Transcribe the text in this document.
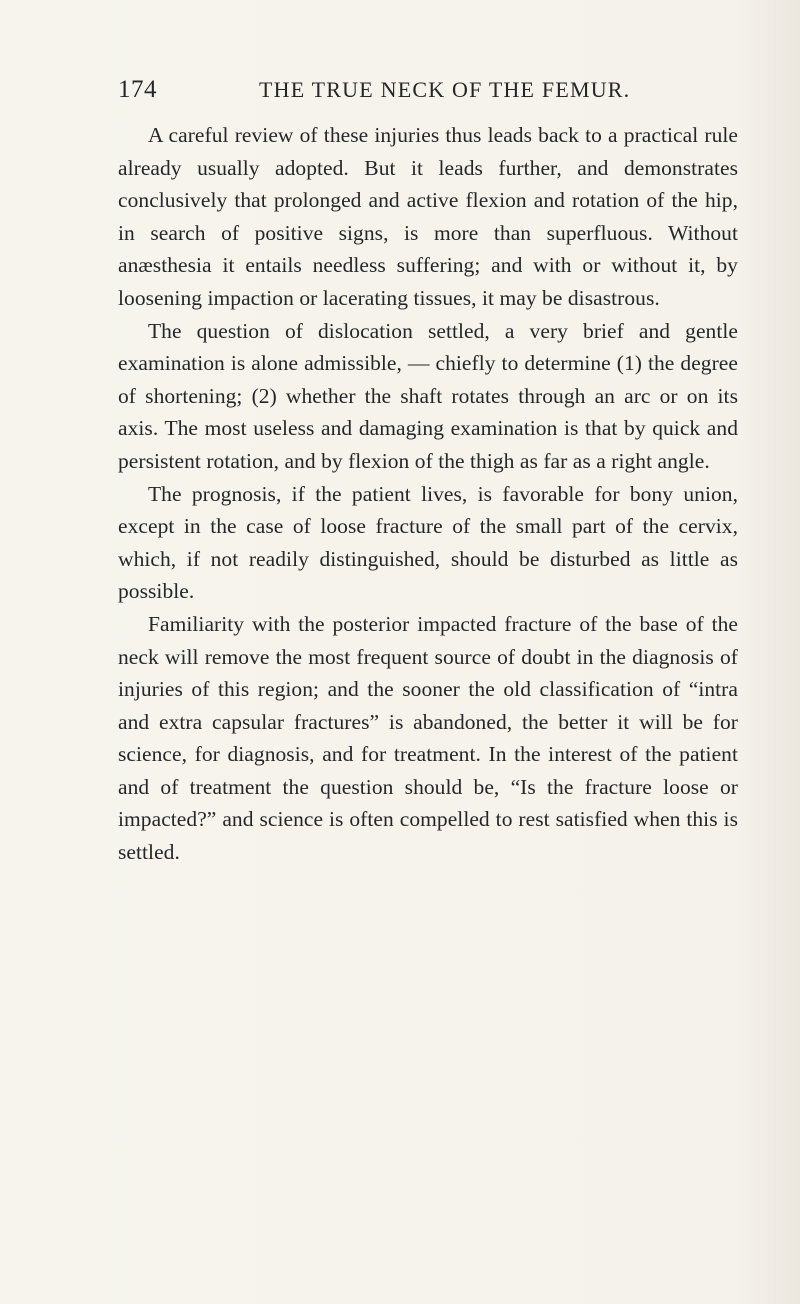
174	THE TRUE NECK OF THE FEMUR.

A careful review of these injuries thus leads back to a practical rule already usually adopted. But it leads further, and demonstrates conclusively that prolonged and active flexion and rotation of the hip, in search of positive signs, is more than superfluous. Without anæsthesia it entails needless suffering; and with or without it, by loosening impaction or lacerating tissues, it may be disastrous.

The question of dislocation settled, a very brief and gentle examination is alone admissible, — chiefly to determine (1) the degree of shortening; (2) whether the shaft rotates through an arc or on its axis. The most useless and damaging examination is that by quick and persistent rotation, and by flexion of the thigh as far as a right angle.

The prognosis, if the patient lives, is favorable for bony union, except in the case of loose fracture of the small part of the cervix, which, if not readily distinguished, should be disturbed as little as possible.

Familiarity with the posterior impacted fracture of the base of the neck will remove the most frequent source of doubt in the diagnosis of injuries of this region; and the sooner the old classification of “intra and extra capsular fractures” is abandoned, the better it will be for science, for diagnosis, and for treatment. In the interest of the patient and of treatment the question should be, “Is the fracture loose or impacted?” and science is often compelled to rest satisfied when this is settled.
